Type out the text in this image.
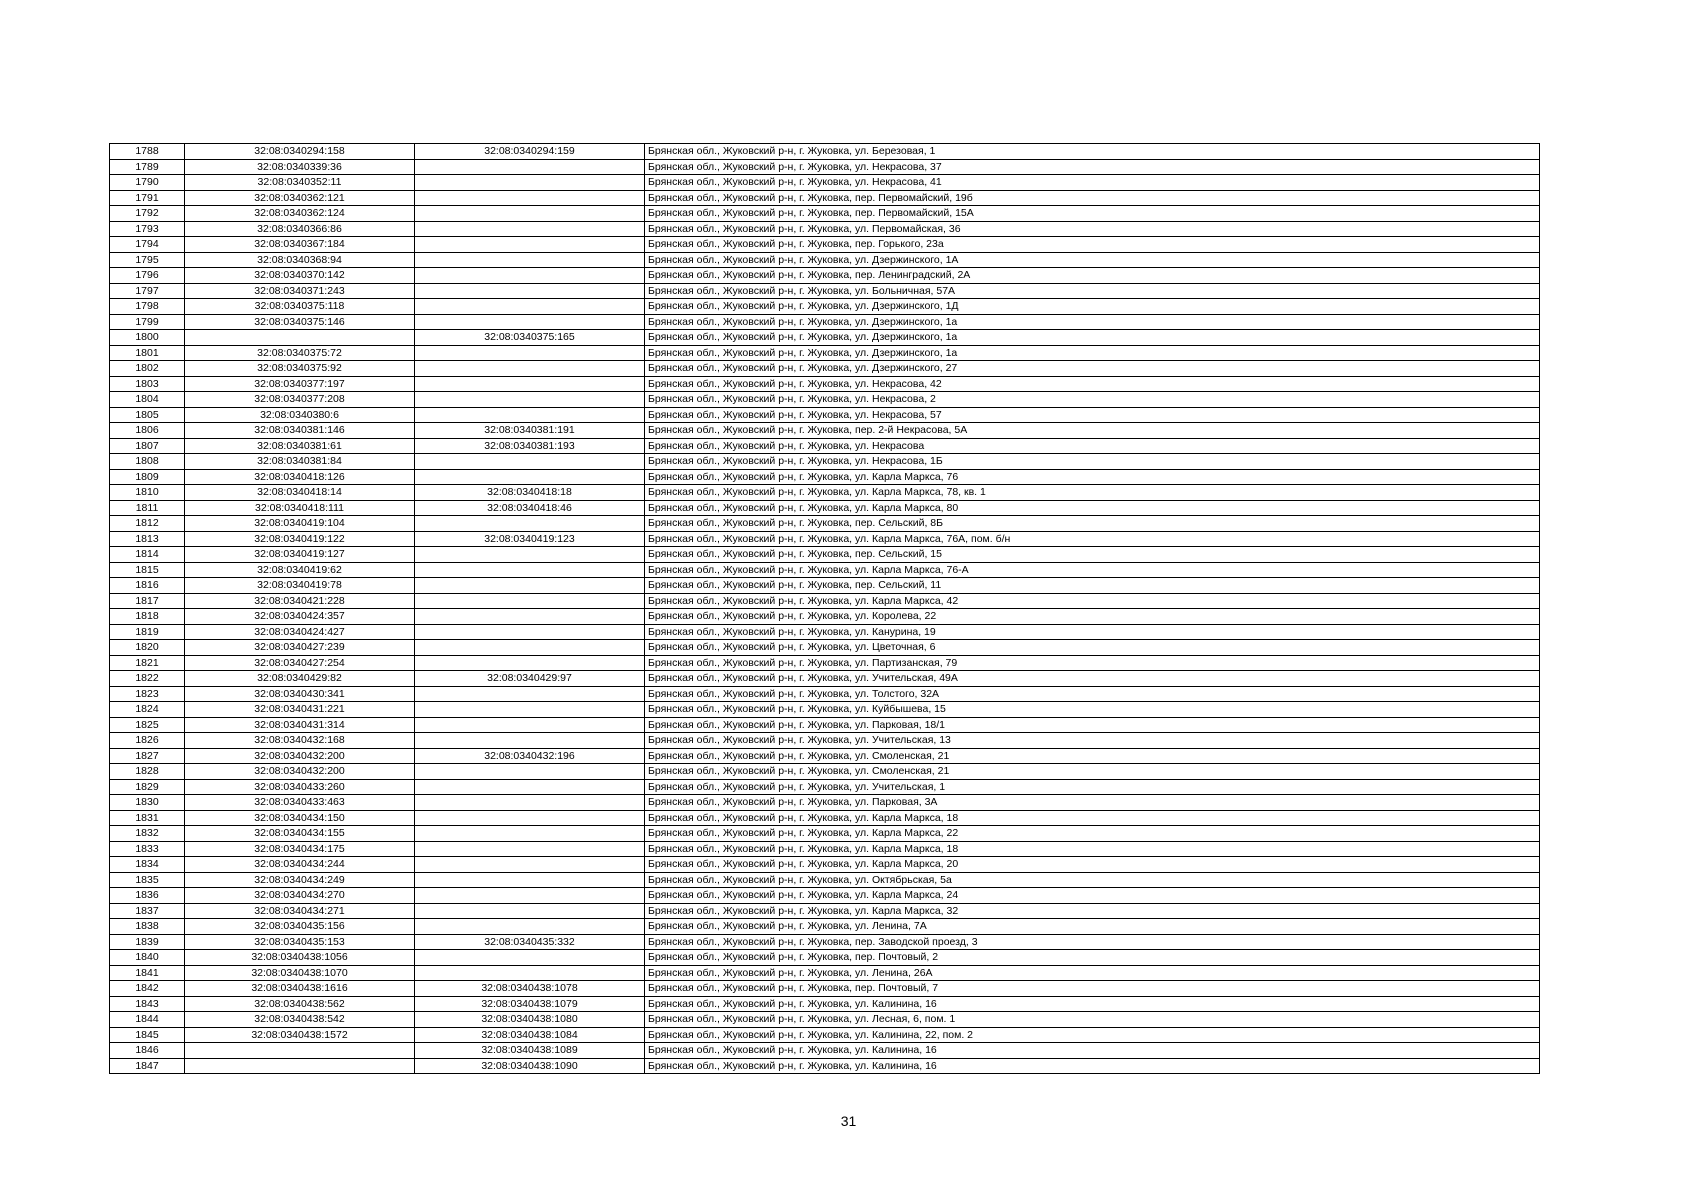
1788	32:08:0340294:158	32:08:0340294:159	Брянская обл., Жуковский р-н, г. Жуковка, ул. Березовая, 1
1789	32:08:0340339:36		Брянская обл., Жуковский р-н, г. Жуковка, ул. Некрасова, 37
1790	32:08:0340352:11		Брянская обл., Жуковский р-н, г. Жуковка, ул. Некрасова, 41
1791	32:08:0340362:121		Брянская обл., Жуковский р-н, г. Жуковка, пер. Первомайский, 19б
1792	32:08:0340362:124		Брянская обл., Жуковский р-н, г. Жуковка, пер. Первомайский, 15А
1793	32:08:0340366:86		Брянская обл., Жуковский р-н, г. Жуковка, ул. Первомайская, 36
1794	32:08:0340367:184		Брянская обл., Жуковский р-н, г. Жуковка, пер. Горького, 23а
1795	32:08:0340368:94		Брянская обл., Жуковский р-н, г. Жуковка, ул. Дзержинского, 1А
1796	32:08:0340370:142		Брянская обл., Жуковский р-н, г. Жуковка, пер. Ленинградский, 2А
1797	32:08:0340371:243		Брянская обл., Жуковский р-н, г. Жуковка, ул. Больничная, 57А
1798	32:08:0340375:118		Брянская обл., Жуковский р-н, г. Жуковка, ул. Дзержинского, 1Д
1799	32:08:0340375:146		Брянская обл., Жуковский р-н, г. Жуковка, ул. Дзержинского, 1а
1800		32:08:0340375:165	Брянская обл., Жуковский р-н, г. Жуковка, ул. Дзержинского, 1а
1801	32:08:0340375:72		Брянская обл., Жуковский р-н, г. Жуковка, ул. Дзержинского, 1а
1802	32:08:0340375:92		Брянская обл., Жуковский р-н, г. Жуковка, ул. Дзержинского, 27
1803	32:08:0340377:197		Брянская обл., Жуковский р-н, г. Жуковка, ул. Некрасова, 42
1804	32:08:0340377:208		Брянская обл., Жуковский р-н, г. Жуковка, ул. Некрасова, 2
1805	32:08:0340380:6		Брянская обл., Жуковский р-н, г. Жуковка, ул. Некрасова, 57
1806	32:08:0340381:146	32:08:0340381:191	Брянская обл., Жуковский р-н, г. Жуковка, пер. 2-й Некрасова, 5А
1807	32:08:0340381:61	32:08:0340381:193	Брянская обл., Жуковский р-н, г. Жуковка, ул. Некрасова
1808	32:08:0340381:84		Брянская обл., Жуковский р-н, г. Жуковка, ул. Некрасова, 1Б
1809	32:08:0340418:126		Брянская обл., Жуковский р-н, г. Жуковка, ул. Карла Маркса, 76
1810	32:08:0340418:14	32:08:0340418:18	Брянская обл., Жуковский р-н, г. Жуковка, ул. Карла Маркса, 78, кв. 1
1811	32:08:0340418:111	32:08:0340418:46	Брянская обл., Жуковский р-н, г. Жуковка, ул. Карла Маркса, 80
1812	32:08:0340419:104		Брянская обл., Жуковский р-н, г. Жуковка, пер. Сельский, 8Б
1813	32:08:0340419:122	32:08:0340419:123	Брянская обл., Жуковский р-н, г. Жуковка, ул. Карла Маркса, 76А, пом. б/н
1814	32:08:0340419:127		Брянская обл., Жуковский р-н, г. Жуковка, пер. Сельский, 15
1815	32:08:0340419:62		Брянская обл., Жуковский р-н, г. Жуковка, ул. Карла Маркса, 76-А
1816	32:08:0340419:78		Брянская обл., Жуковский р-н, г. Жуковка, пер. Сельский, 11
1817	32:08:0340421:228		Брянская обл., Жуковский р-н, г. Жуковка, ул. Карла Маркса, 42
1818	32:08:0340424:357		Брянская обл., Жуковский р-н, г. Жуковка, ул. Королева, 22
1819	32:08:0340424:427		Брянская обл., Жуковский р-н, г. Жуковка, ул. Канурина, 19
1820	32:08:0340427:239		Брянская обл., Жуковский р-н, г. Жуковка, ул. Цветочная, 6
1821	32:08:0340427:254		Брянская обл., Жуковский р-н, г. Жуковка, ул. Партизанская, 79
1822	32:08:0340429:82	32:08:0340429:97	Брянская обл., Жуковский р-н, г. Жуковка, ул. Учительская, 49А
1823	32:08:0340430:341		Брянская обл., Жуковский р-н, г. Жуковка, ул. Толстого, 32А
1824	32:08:0340431:221		Брянская обл., Жуковский р-н, г. Жуковка, ул. Куйбышева, 15
1825	32:08:0340431:314		Брянская обл., Жуковский р-н, г. Жуковка, ул. Парковая, 18/1
1826	32:08:0340432:168		Брянская обл., Жуковский р-н, г. Жуковка, ул. Учительская, 13
1827	32:08:0340432:200	32:08:0340432:196	Брянская обл., Жуковский р-н, г. Жуковка, ул. Смоленская, 21
1828	32:08:0340432:200		Брянская обл., Жуковский р-н, г. Жуковка, ул. Смоленская, 21
1829	32:08:0340433:260		Брянская обл., Жуковский р-н, г. Жуковка, ул. Учительская, 1
1830	32:08:0340433:463		Брянская обл., Жуковский р-н, г. Жуковка, ул. Парковая, 3А
1831	32:08:0340434:150		Брянская обл., Жуковский р-н, г. Жуковка, ул. Карла Маркса, 18
1832	32:08:0340434:155		Брянская обл., Жуковский р-н, г. Жуковка, ул. Карла Маркса, 22
1833	32:08:0340434:175		Брянская обл., Жуковский р-н, г. Жуковка, ул. Карла Маркса, 18
1834	32:08:0340434:244		Брянская обл., Жуковский р-н, г. Жуковка, ул. Карла Маркса, 20
1835	32:08:0340434:249		Брянская обл., Жуковский р-н, г. Жуковка, ул. Октябрьская, 5а
1836	32:08:0340434:270		Брянская обл., Жуковский р-н, г. Жуковка, ул. Карла Маркса, 24
1837	32:08:0340434:271		Брянская обл., Жуковский р-н, г. Жуковка, ул. Карла Маркса, 32
1838	32:08:0340435:156		Брянская обл., Жуковский р-н, г. Жуковка, ул. Ленина, 7А
1839	32:08:0340435:153	32:08:0340435:332	Брянская обл., Жуковский р-н, г. Жуковка, пер. Заводской проезд, 3
1840	32:08:0340438:1056		Брянская обл., Жуковский р-н, г. Жуковка, пер. Почтовый, 2
1841	32:08:0340438:1070		Брянская обл., Жуковский р-н, г. Жуковка, ул. Ленина, 26А
1842	32:08:0340438:1616	32:08:0340438:1078	Брянская обл., Жуковский р-н, г. Жуковка, пер. Почтовый, 7
1843	32:08:0340438:562	32:08:0340438:1079	Брянская обл., Жуковский р-н, г. Жуковка, ул. Калинина, 16
1844	32:08:0340438:542	32:08:0340438:1080	Брянская обл., Жуковский р-н, г. Жуковка, ул. Лесная, 6, пом. 1
1845	32:08:0340438:1572	32:08:0340438:1084	Брянская обл., Жуковский р-н, г. Жуковка, ул. Калинина, 22, пом. 2
1846		32:08:0340438:1089	Брянская обл., Жуковский р-н, г. Жуковка, ул. Калинина, 16
1847		32:08:0340438:1090	Брянская обл., Жуковский р-н, г. Жуковка, ул. Калинина, 16
31
